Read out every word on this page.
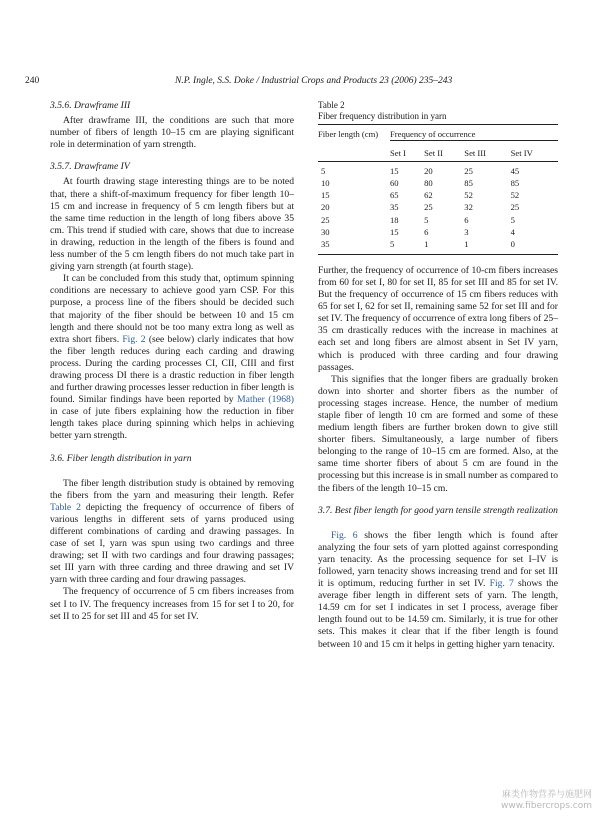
240	N.P. Ingle, S.S. Doke / Industrial Crops and Products 23 (2006) 235–243
3.5.6. Drawframe III

After drawframe III, the conditions are such that more number of fibers of length 10–15 cm are playing significant role in determination of yarn strength.

3.5.7. Drawframe IV

At fourth drawing stage interesting things are to be noted that, there a shift-of-maximum frequency for fiber length 10–15 cm and increase in frequency of 5 cm length fibers but at the same time reduction in the length of long fibers above 35 cm. This trend if studied with care, shows that due to increase in drawing, reduction in the length of the fibers is found and less number of the 5 cm length fibers do not much take part in giving yarn strength (at fourth stage).

It can be concluded from this study that, optimum spinning conditions are necessary to achieve good yarn CSP. For this purpose, a process line of the fibers should be decided such that majority of the fiber should be between 10 and 15 cm length and there should not be too many extra long as well as extra short fibers. Fig. 2 (see below) clarly indicates that how the fiber length reduces during each carding and drawing process. During the carding processes CI, CII, CIII and first drawing process DI there is a drastic reduction in fiber length and further drawing processes lesser reduction in fiber length is found. Similar findings have been reported by Mather (1968) in case of jute fibers explaining how the reduction in fiber length takes place during spinning which helps in achieving better yarn strength.

3.6. Fiber length distribution in yarn

The fiber length distribution study is obtained by removing the fibers from the yarn and measuring their length. Refer Table 2 depicting the frequency of occurrence of fibers of various lengths in different sets of yarns produced using different combinations of carding and drawing passages. In case of set I, yarn was spun using two cardings and three drawing; set II with two cardings and four drawing passages; set III yarn with three carding and three drawing and set IV yarn with three carding and four drawing passages.

The frequency of occurrence of 5 cm fibers increases from set I to IV. The frequency increases from 15 for set I to 20, for set II to 25 for set III and 45 for set IV.

Table 2
Fiber frequency distribution in yarn
Fiber length (cm)	Frequency of occurrence			
	Set I	Set II	Set III	Set IV

5	15	20	25	45
10	60	80	85	85
15	65	62	52	52
20	35	25	32	25
25	18	5	6	5
30	15	6	3	4
35	5	1	1	0

Further, the frequency of occurrence of 10-cm fibers increases from 60 for set I, 80 for set II, 85 for set III and 85 for set IV. But the frequency of occurrence of 15 cm fibers reduces with 65 for set I, 62 for set II, remaining same 52 for set III and for set IV. The frequency of occurrence of extra long fibers of 25–35 cm drastically reduces with the increase in machines at each set and long fibers are almost absent in Set IV yarn, which is produced with three carding and four drawing passages.

This signifies that the longer fibers are gradually broken down into shorter and shorter fibers as the number of processing stages increase. Hence, the number of medium staple fiber of length 10 cm are formed and some of these medium length fibers are further broken down to give still shorter fibers. Simultaneously, a large number of fibers belonging to the range of 10–15 cm are formed. Also, at the same time shorter fibers of about 5 cm are found in the processing but this increase is in small number as compared to the fibers of the length 10–15 cm.

3.7. Best fiber length for good yarn tensile strength realization

Fig. 6 shows the fiber length which is found after analyzing the four sets of yarn plotted against corresponding yarn tenacity. As the processing sequence for set I–IV is followed, yarn tenacity shows increasing trend and for set III it is optimum, reducing further in set IV. Fig. 7 shows the average fiber length in different sets of yarn. The length, 14.59 cm for set I indicates in set I process, average fiber length found out to be 14.59 cm. Similarly, it is true for other sets. This makes it clear that if the fiber length is found between 10 and 15 cm it helps in getting higher yarn tenacity.

麻类作物营养与施肥网
www.fibercrops.com
